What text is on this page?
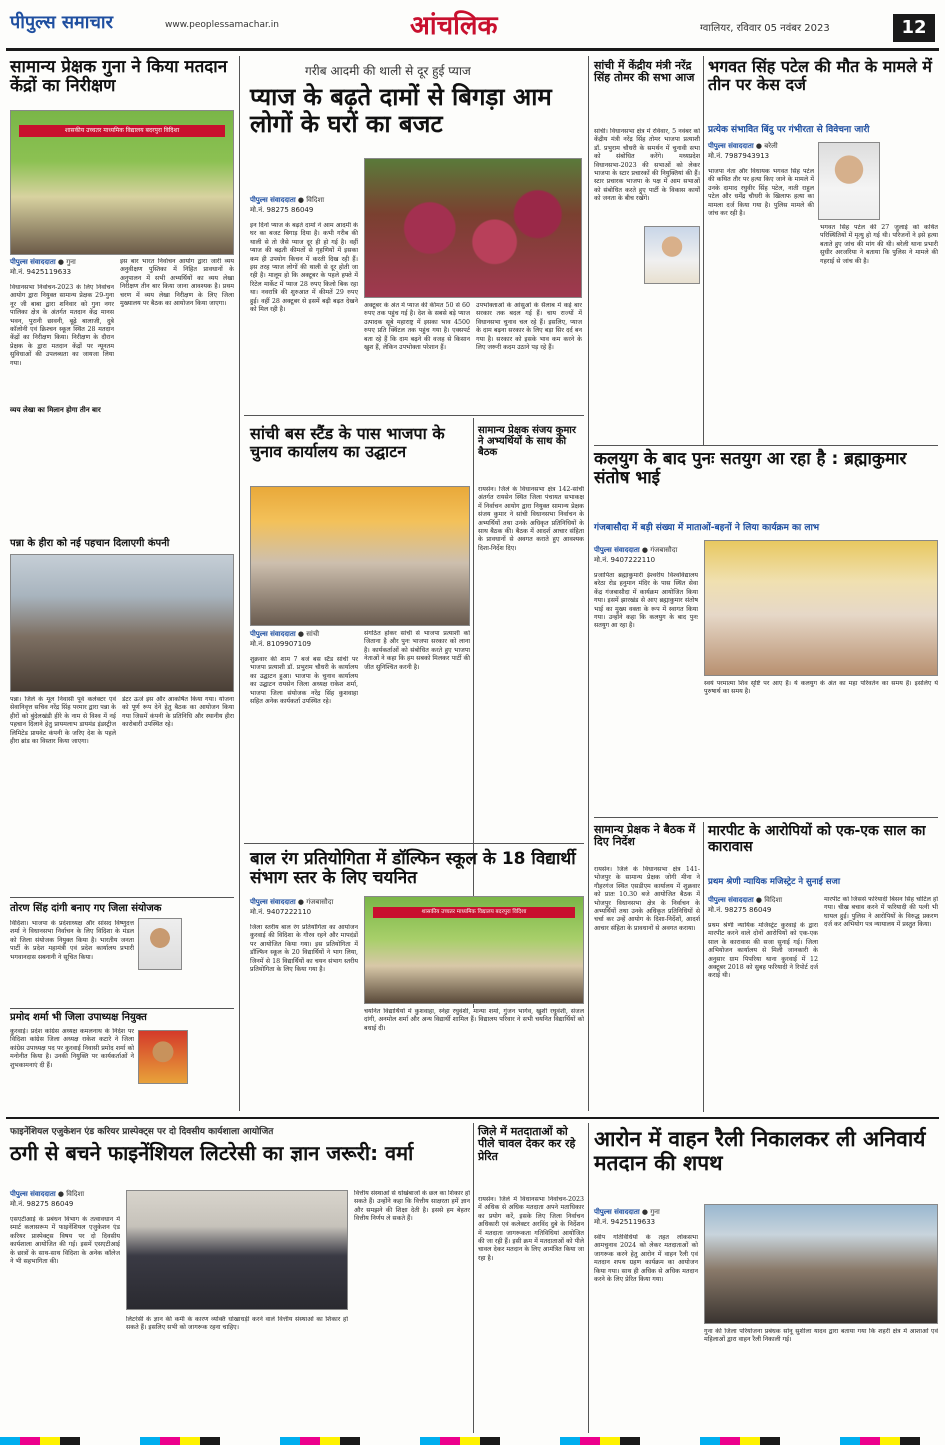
पीपुल्स समाचार	www.peoplessamachar.in	आंचलिक	ग्वालियर, रविवार 05 नवंबर 2023	12
सामान्य प्रेक्षक गुना ने किया मतदान केंद्रों का निरीक्षण
शासकीय उच्चतर माध्यमिक विद्यालय बदरपुरा विदिशा
पीपुल्स संवाददाता ● गुना
मो.नं. 9425119633
विधानसभा निर्वाचन-2023 के लिए निर्वाचन आयोग द्वारा नियुक्त सामान्य प्रेक्षक 29-गुना नूर जी बाबा द्वारा शनिवार को गुना नगर पालिका क्षेत्र के अंतर्गत मतदान केंद्र मानस भवन, पुरानी छावनी, बूढ़े बालाजी, दुबे कॉलोनी एवं क्रिश्चन स्कूल स्थित 28 मतदान केंद्रों का निरीक्षण किया। निरीक्षण के दौरान प्रेक्षक के द्वारा मतदान केंद्रों पर न्यूनतम सुविधाओं की उपलब्धता का जायजा लिया गया।
व्यय लेखा का मिलान होगा तीन बार
इस बार भारत निर्वाचन आयोग द्वारा जारी व्यय अनुवीक्षण पुस्तिका में निहित प्रावधानों के अनुपालन में सभी अभ्यर्थियों का व्यय लेखा निरीक्षण तीन बार किया जाना आवश्यक है। प्रथम चरण में व्यय लेखा निरीक्षण के लिए जिला मुख्यालय पर बैठक का आयोजन किया जाएगा।
गरीब आदमी की थाली से दूर हुई प्याज
प्याज के बढ़ते दामों से बिगड़ा आम लोगों के घरों का बजट
पीपुल्स संवाददाता ● विदिशा
मो.नं. 98275 86049
इन दिनों प्याज के बढ़ते दामों ने आम आदमी के घर का बजट बिगाड़ दिया है। कभी गरीब की थाली से तो जैसे प्याज दूर ही हो गई है। वहीं प्याज की बढ़ती कीमतों से गृहणियों में इसका कम ही उपयोग किचन में करती दिख रही हैं। इस तरह प्याज लोगों की थाली से दूर होती जा रही है। मालूम हो कि अक्टूबर के पहले हफ्ते में रिटेल मार्केट में प्याज 28 रुपए किलो बिक रहा था। नवरात्रि की शुरुआत में कीमतें 29 रुपए हुई। वहीं 28 अक्टूबर से इसमें बढ़ी बढ़त देखने को मिल रही है।
अक्टूबर के अंत में प्याज की कीमत 50 से 60 रुपए तक पहुंच गई है। देश के सबसे बड़े प्याज उत्पादक सूबे महाराष्ट्र में इसका भाव 4500 रुपए प्रति क्विंटल तक पहुंच गया है। एक्सपर्ट बता रहे हैं कि दाम बढ़ने की वजह से किसान खुश हैं, लेकिन उपभोक्ता परेशान हैं।
उपभोक्ताओं के आंसुओं के सैलाब में कई बार सरकार तक बदल गई हैं। चाय राज्यों में विधानसभा चुनाव चल रहे हैं। इसलिए, प्याज के दाम बढ़ना सरकार के लिए बड़ा सिर दर्द बन गया है। सरकार को इसके भाव कम करने के लिए जरूरी कदम उठाने पड़ रहे हैं।
सांची में केंद्रीय मंत्री नरेंद्र सिंह तोमर की सभा आज
सांची। विधानसभा क्षेत्र में रविवार, 5 नवंबर को केंद्रीय मंत्री नरेंद्र सिंह तोमर भाजपा प्रत्याशी डॉ. प्रभुराम चौधरी के समर्थन में चुनावी सभा को संबोधित करेंगे। मध्यप्रदेश विधानसभा-2023 की सभाओं को लेकर भाजपा के स्टार प्रचारकों की नियुक्तियां की हैं। स्टार प्रचारक भाजपा के पक्ष में आम सभाओं को संबोधित करते हुए पार्टी के विकास कार्यों को जनता के बीच रखेंगे।
भगवत सिंह पटेल की मौत के मामले में तीन पर केस दर्ज
प्रत्येक संभावित बिंदु पर गंभीरता से विवेचना जारी
पीपुल्स संवाददाता ● बरेली
मो.नं. 7987943913
भाजपा नेता और विधायक भगवत सिंह पटेल की कथित तौर पर हत्या किए जाने के मामले में उनके दामाद रघुवीर सिंह पटेल, नाती राहुल पटेल और धर्मेंद्र चौधरी के खिलाफ हत्या का मामला दर्ज किया गया है। पुलिस मामले की जांच कर रही है।
भगवत सिंह पटेल की 27 जुलाई को कथित परिस्थितियों में मृत्यु हो गई थी। परिजनों ने इसे हत्या बताते हुए जांच की मांग की थी। बरेली थाना प्रभारी सुधीर अरजरिया ने बताया कि पुलिस ने मामले की गहराई से जांच की है।
सांची बस स्टैंड के पास भाजपा के चुनाव कार्यालय का उद्घाटन
पीपुल्स संवाददाता ● सांची
मो.नं. 8109907109
शुक्रवार की शाम 7 बजे बस स्टैंड सांची पर भाजपा प्रत्याशी डॉ. प्रभुराम चौधरी के कार्यालय का उद्घाटन हुआ। भाजपा के चुनाव कार्यालय का उद्घाटन रायसेन जिला अध्यक्ष राकेश शर्मा, भाजपा जिला संयोजक नरेंद्र सिंह कुशवाहा सहित अनेक कार्यकर्ता उपस्थित रहे।
संगठित होकर सांची से भाजपा प्रत्याशी को जिताना है और पुनः भाजपा सरकार को लाना है। कार्यकर्ताओं को संबोधित करते हुए भाजपा नेताओं ने कहा कि हम सबको मिलकर पार्टी की जीत सुनिश्चित करनी है।
सामान्य प्रेक्षक संजय कुमार ने अभ्यर्थियों के साथ की बैठक
रायसेन। जिले के विधानसभा क्षेत्र 142-सांची अंतर्गत रायसेन स्थित जिला पंचायत सभाकक्ष में निर्वाचन आयोग द्वारा नियुक्त सामान्य प्रेक्षक संजय कुमार ने सांची विधानसभा निर्वाचन के अभ्यर्थियों तथा उनके अधिकृत प्रतिनिधियों के साथ बैठक की। बैठक में आदर्श आचार संहिता के प्रावधानों से अवगत कराते हुए आवश्यक दिशा-निर्देश दिए।
पन्ना के हीरा को नई पहचान दिलाएगी कंपनी
पन्ना। जिले के मूल निवासी पूर्व कलेक्टर एवं सेवानिवृत्त सचिव नरेंद्र सिंह परमार द्वारा पन्ना के हीरों को बुंदेलखंडी हीरे के नाम से विश्व में नई पहचान दिलाने हेतु प्रायमलाभ डायमंड इंडस्ट्रीज लिमिटेड प्रायवेट कंपनी के जरिए देश के पहले हीरा ब्रांड का विस्तार किया जाएगा।
डेटर ऊर्जे इस और आकर्षित किया गया। योजना को पूर्ण रूप देने हेतु बैठक का आयोजन किया गया जिसमें कंपनी के प्रतिनिधि और स्थानीय हीरा कारोबारी उपस्थित रहे।
तोरण सिंह दांगी बनाए गए जिला संयोजक
विदिशा। भाजपा के प्रदेशाध्यक्ष और सांसद विष्णुदत्त शर्मा ने विधानसभा निर्वाचन के लिए विदिशा के मंडल को जिला संयोजक नियुक्त किया है। भारतीय जनता पार्टी के प्रदेश महामंत्री एवं प्रदेश कार्यालय प्रभारी भगवानदास सबनानी ने सूचित किया।
प्रमोद शर्मा भी जिला उपाध्यक्ष नियुक्त
कुरवाई। प्रदेश कांग्रेस अध्यक्ष कमलनाथ के निर्देश पर विदिशा कांग्रेस जिला अध्यक्ष राकेश कटारे ने जिला कांग्रेस उपाध्यक्ष पद पर कुरवाई निवासी प्रमोद शर्मा को मनोनीत किया है। उनकी नियुक्ति पर कार्यकर्ताओं ने शुभकामनाएं दी हैं।
बाल रंग प्रतियोगिता में डॉल्फिन स्कूल के 18 विद्यार्थी संभाग स्तर के लिए चयनित
पीपुल्स संवाददाता ● गंजबासौदा
मो.नं. 9407222110	शासकीय उच्चतर माध्यमिक विद्यालय बदरपुरा विदिशा
जिला स्तरीय बाल रंग प्रतियोगिता का आयोजन कुरवाई की विदिशा के गौरव रहने और मापदंडों पर आयोजित किया गया। इस प्रतियोगिता में डॉल्फिन स्कूल के 20 विद्यार्थियों ने भाग लिया, जिनमें से 18 विद्यार्थियों का चयन संभाग स्तरीय प्रतियोगिता के लिए किया गया है।
चयनित विद्यार्थियों में कुशवाहा, स्नेहा रघुवंशी, मान्या शर्मा, गुंजन भार्गव, खुशी रघुवंशी, संजल दांगी, अनमोल शर्मा और अन्य विद्यार्थी शामिल हैं। विद्यालय परिवार ने सभी चयनित विद्यार्थियों को बधाई दी।
कलयुग के बाद पुनः सतयुग आ रहा है : ब्रह्माकुमार संतोष भाई
गंजबासौदा में बड़ी संख्या में माताओं-बहनों ने लिया कार्यक्रम का लाभ
पीपुल्स संवाददाता ● गंजबासौदा
मो.नं. 9407222110
प्रजापिता ब्रह्माकुमारी ईश्वरीय विश्वविद्यालय बरेठा रोड हनुमान मंदिर के पास स्थित सेवा केंद्र गंजबासौदा में कार्यक्रम आयोजित किया गया। इसमें झारखंड से आए ब्रह्माकुमार संतोष भाई का मुख्य वक्ता के रूप में स्वागत किया गया। उन्होंने कहा कि कलयुग के बाद पुनः सतयुग आ रहा है।
स्वयं परमात्मा शिव सृष्टि पर आए हैं। ये कलयुग के अंत का महा परिवर्तन का समय है। इसलिए ये पुरुषार्थ का समय है।
सामान्य प्रेक्षक ने बैठक में दिए निर्देश
रायसेन। जिले के विधानसभा क्षेत्र 141-भोजपुर के सामान्य प्रेक्षक जोगी मीना ने गौहरगंज स्थित एसडीएम कार्यालय में शुक्रवार को प्रातः 10.30 बजे आयोजित बैठक में भोजपुर विधानसभा क्षेत्र के निर्वाचन के अभ्यर्थियों तथा उनके अधिकृत प्रतिनिधियों से चर्चा कर उन्हें आयोग के दिशा-निर्देशों, आदर्श आचार संहिता के प्रावधानों से अवगत कराया।
मारपीट के आरोपियों को एक-एक साल का कारावास
प्रथम श्रेणी न्यायिक मजिस्ट्रेट ने सुनाई सजा
पीपुल्स संवाददाता ● विदिशा
मो.नं. 98275 86049
प्रथम श्रेणी न्यायिक मजिस्ट्रेट कुरवाई के द्वारा मारपीट करने वाले दोनों आरोपियों को एक-एक साल के कारावास की सजा सुनाई गई। जिला अभियोजन कार्यालय से मिली जानकारी के अनुसार ग्राम पिपरिया थाना कुरवाई में 12 अक्टूबर 2018 को सुबह फरियादी ने रिपोर्ट दर्ज कराई थी।
मारपीट को जिससे फरियादी बिसन सिंह चोटिल हो गया। चीख बचाव करने में फरियादी की पत्नी भी घायल हुई। पुलिस ने आरोपियों के विरुद्ध प्रकरण दर्ज कर अभियोग पत्र न्यायालय में प्रस्तुत किया।
फाइनेंशियल एजुकेशन एंड करियर प्रास्पेक्ट्स पर दो दिवसीय कार्यशाला आयोजित
ठगी से बचने फाइनेंशियल लिटरेसी का ज्ञान जरूरी: वर्मा
पीपुल्स संवाददाता ● विदिशा
मो.नं. 98275 86049
एसएटीआई के प्रबंधन विभाग के तत्वावधान में स्मार्ट कलासरूम में फाइनेंशियल एजुकेशन एंड करियर प्रास्पेक्ट्स विषय पर दो दिवसीय कार्यशाला आयोजित की गई। इसमें एसएटीआई के छात्रों के साथ-साथ विदिशा के अनेक कॉलेज ने भी सहभागिता की।
वित्तीय संस्थाओं से धोखेबाजों के छल का शिकार हो सकते हैं। उन्होंने कहा कि वित्तीय साक्षरता हमें ज्ञान और समझने की शिक्षा देती है। इससे हम बेहतर वित्तीय निर्णय ले सकते हैं।
लिटरेसी के ज्ञान की कमी के कारण व्यक्ति धोखाधड़ी करने वाले वित्तीय संस्थाओं का शिकार हो सकते हैं। इसलिए सभी को जागरूक रहना चाहिए।
जिले में मतदाताओं को पीले चावल देकर कर रहे प्रेरित
रायसेन। जिले में विधानसभा निर्वाचन-2023 में अधिक से अधिक मतदाता अपने मताधिकार का प्रयोग करें, इसके लिए जिला निर्वाचन अधिकारी एवं कलेक्टर अरविंद दुबे के निर्देशन में मतदाता जागरूकता गतिविधियां आयोजित की जा रही हैं। इसी क्रम में मतदाताओं को पीले चावल देकर मतदान के लिए आमंत्रित किया जा रहा है।
आरोन में वाहन रैली निकालकर ली अनिवार्य मतदान की शपथ
पीपुल्स संवाददाता ● गुना
मो.नं. 9425119633
स्वीप गतिविधियों के तहत लोकसभा आमचुनाव 2024 को लेकर मतदाताओं को जागरूक करने हेतु आरोन में वाहन रैली एवं मतदान शपथ ग्रहण कार्यक्रम का आयोजन किया गया। साथ ही अधिक से अधिक मतदान करने के लिए प्रेरित किया गया।
गुना की जिला परियोजना प्रबंधक सोनू सुशीला यादव द्वारा बताया गया कि शहरी क्षेत्र में आशाओं एवं महिलाओं द्वारा वाहन रैली निकाली गई।
